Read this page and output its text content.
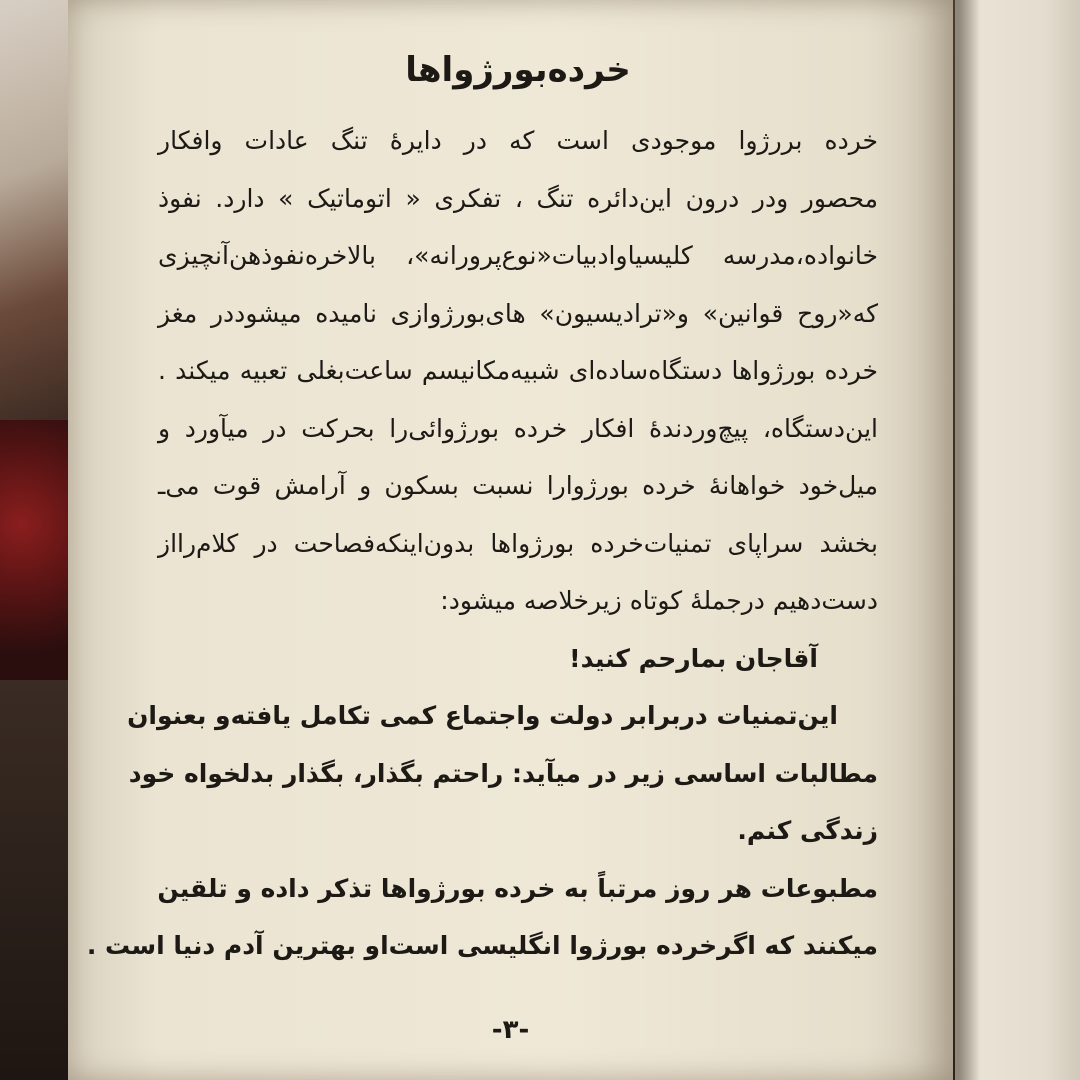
خرده‌بورژواها
خرده بررژوا موجودی است که در دایرهٔ تنگ عادات وافکار
محصور ودر درون این‌دائره تنگ ، تفکری « اتوماتیک » دارد. نفوذ
خانواده،مدرسه کلیسیاوادبیات«نوع‌پرورانه»، بالاخره‌نفوذهن‌آنچیزی
که«روح قوانین» و«تراديسيون» های‌بورژوازی نامیده میشود‌در مغز
خرده بورژواها دستگاه‌ساده‌ای شبیه‌مکانیسم ساعت‌بغلی تعبیه میکند .
این‌دستگاه، پیچ‌وردندهٔ افکار خرده بورژوائی‌را بحرکت در میآورد و
میل‌خود خواهانهٔ خرده بورژوارا نسبت بسکون و آرامش قوت می‌ـ
بخشد سراپای تمنیات‌خرده بورژواها بدون‌اینکه‌فصاحت در کلام‌را‌از
دست‌دهیم درجملهٔ کوتاه زیرخلاصه میشود:
آقاجان بمارحم کنید!
این‌تمنیات دربرابر دولت واجتماع کمی تکامل یافته‌و بعنوان
مطالبات اساسی زیر در میآید: راحتم بگذار، بگذار بدلخواه خود
زندگی کنم.
مطبوعات هر روز مرتباً به خرده بورژواها تذکر داده و تلقین
میکنند که اگرخرده بورژوا انگلیسی است‌او بهترین آدم دنیا است .
-۳-
